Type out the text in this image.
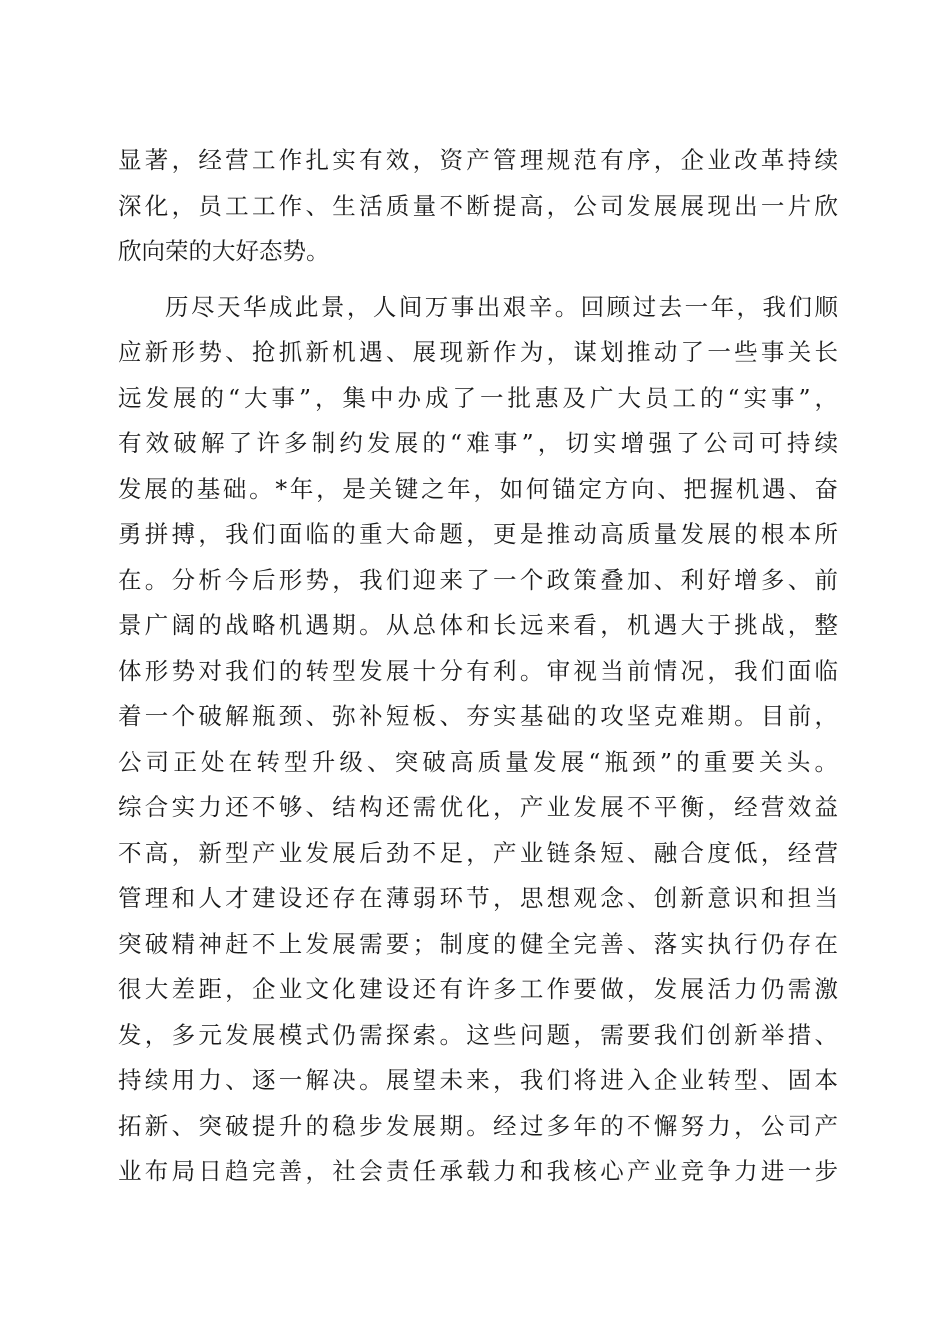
显著，经营工作扎实有效，资产管理规范有序，企业改革持续
深化，员工工作、生活质量不断提高，公司发展展现出一片欣
欣向荣的大好态势。
历尽天华成此景，人间万事出艰辛。回顾过去一年，我们顺
应新形势、抢抓新机遇、展现新作为，谋划推动了一些事关长
远发展的“大事”，集中办成了一批惠及广大员工的“实事”，
有效破解了许多制约发展的“难事”，切实增强了公司可持续
发展的基础。*年，是关键之年，如何锚定方向、把握机遇、奋
勇拼搏，我们面临的重大命题，更是推动高质量发展的根本所
在。分析今后形势，我们迎来了一个政策叠加、利好增多、前
景广阔的战略机遇期。从总体和长远来看，机遇大于挑战，整
体形势对我们的转型发展十分有利。审视当前情况，我们面临
着一个破解瓶颈、弥补短板、夯实基础的攻坚克难期。目前，
公司正处在转型升级、突破高质量发展“瓶颈”的重要关头。
综合实力还不够、结构还需优化，产业发展不平衡，经营效益
不高，新型产业发展后劲不足，产业链条短、融合度低，经营
管理和人才建设还存在薄弱环节，思想观念、创新意识和担当
突破精神赶不上发展需要；制度的健全完善、落实执行仍存在
很大差距，企业文化建设还有许多工作要做，发展活力仍需激
发，多元发展模式仍需探索。这些问题，需要我们创新举措、
持续用力、逐一解决。展望未来，我们将进入企业转型、固本
拓新、突破提升的稳步发展期。经过多年的不懈努力，公司产
业布局日趋完善，社会责任承载力和我核心产业竞争力进一步
